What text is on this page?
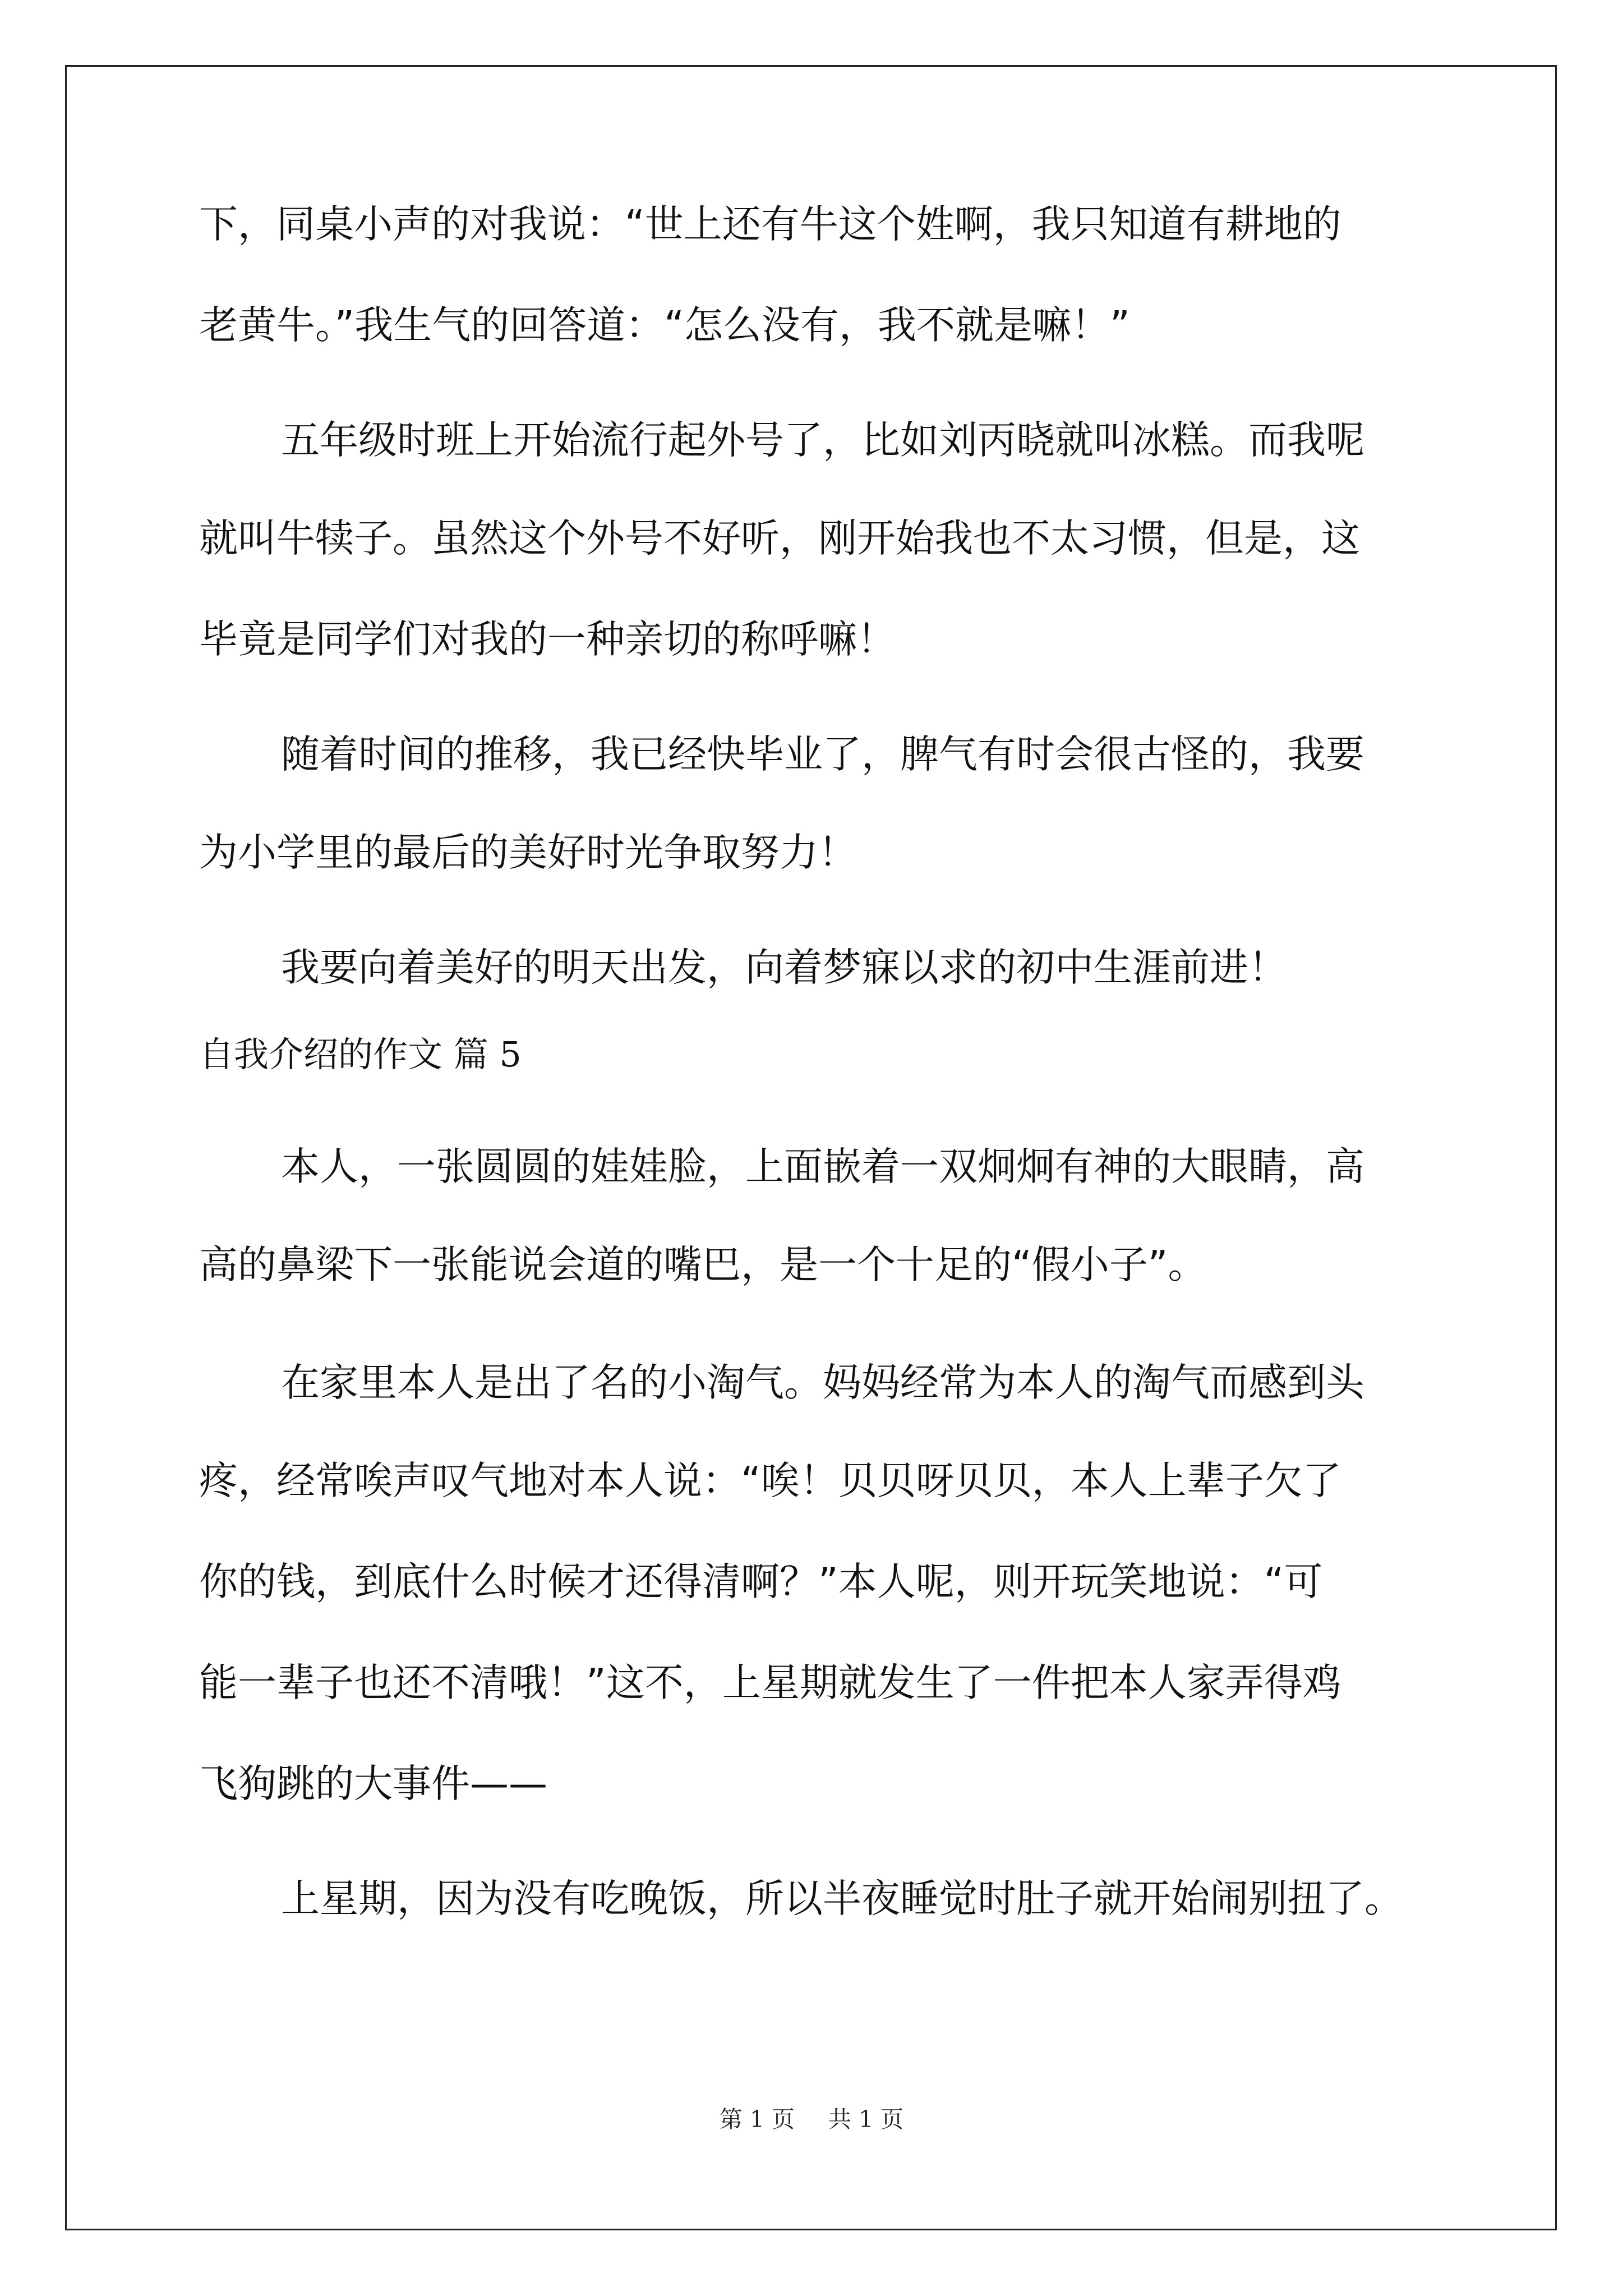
下，同桌小声的对我说：“世上还有牛这个姓啊，我只知道有耕地的
老黄牛。”我生气的回答道：“怎么没有，我不就是嘛！”
五年级时班上开始流行起外号了，比如刘丙晓就叫冰糕。而我呢
就叫牛犊子。虽然这个外号不好听，刚开始我也不太习惯，但是，这
毕竟是同学们对我的一种亲切的称呼嘛！
随着时间的推移，我已经快毕业了，脾气有时会很古怪的，我要
为小学里的最后的美好时光争取努力！
我要向着美好的明天出发，向着梦寐以求的初中生涯前进！
自我介绍的作文 篇 5
本人，一张圆圆的娃娃脸，上面嵌着一双炯炯有神的大眼睛，高
高的鼻梁下一张能说会道的嘴巴，是一个十足的“假小子”。
在家里本人是出了名的小淘气。妈妈经常为本人的淘气而感到头
疼，经常唉声叹气地对本人说：“唉！贝贝呀贝贝，本人上辈子欠了
你的钱，到底什么时候才还得清啊？”本人呢，则开玩笑地说：“可
能一辈子也还不清哦！”这不，上星期就发生了一件把本人家弄得鸡
飞狗跳的大事件——
上星期，因为没有吃晚饭，所以半夜睡觉时肚子就开始闹别扭了。
第 1 页 共 1 页
